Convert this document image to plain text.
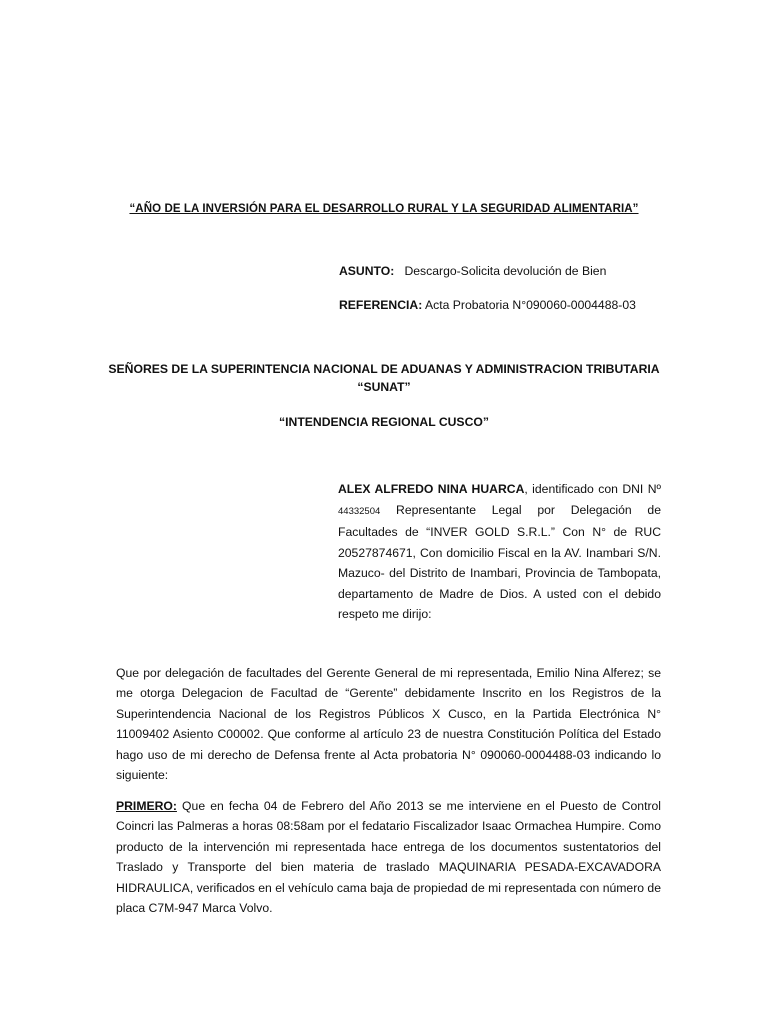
“AÑO DE LA INVERSIÓN PARA EL DESARROLLO RURAL Y LA SEGURIDAD ALIMENTARIA”
ASUNTO: Descargo-Solicita devolución de Bien
REFERENCIA: Acta Probatoria N°090060-0004488-03
SEÑORES DE LA SUPERINTENCIA NACIONAL DE ADUANAS Y ADMINISTRACION TRIBUTARIA
“SUNAT”
“INTENDENCIA REGIONAL CUSCO”
ALEX ALFREDO NINA HUARCA, identificado con DNI Nº 44332504 Representante Legal por Delegación de Facultades de “INVER GOLD S.R.L.” Con N° de RUC 20527874671, Con domicilio Fiscal en la AV. Inambari S/N. Mazuco- del Distrito de Inambari, Provincia de Tambopata, departamento de Madre de Dios. A usted con el debido respeto me dirijo:
Que por delegación de facultades del Gerente General de mi representada, Emilio Nina Alferez; se me otorga Delegacion de Facultad de “Gerente” debidamente Inscrito en los Registros de la Superintendencia Nacional de los Registros Públicos X Cusco, en la Partida Electrónica N° 11009402 Asiento C00002. Que conforme al artículo 23 de nuestra Constitución Política del Estado hago uso de mi derecho de Defensa frente al Acta probatoria N° 090060-0004488-03 indicando lo siguiente:
PRIMERO: Que en fecha 04 de Febrero del Año 2013 se me interviene en el Puesto de Control Coincri las Palmeras a horas 08:58am por el fedatario Fiscalizador Isaac Ormachea Humpire. Como producto de la intervención mi representada hace entrega de los documentos sustentatorios del Traslado y Transporte del bien materia de traslado MAQUINARIA PESADA-EXCAVADORA HIDRAULICA, verificados en el vehículo cama baja de propiedad de mi representada con número de placa C7M-947 Marca Volvo.
